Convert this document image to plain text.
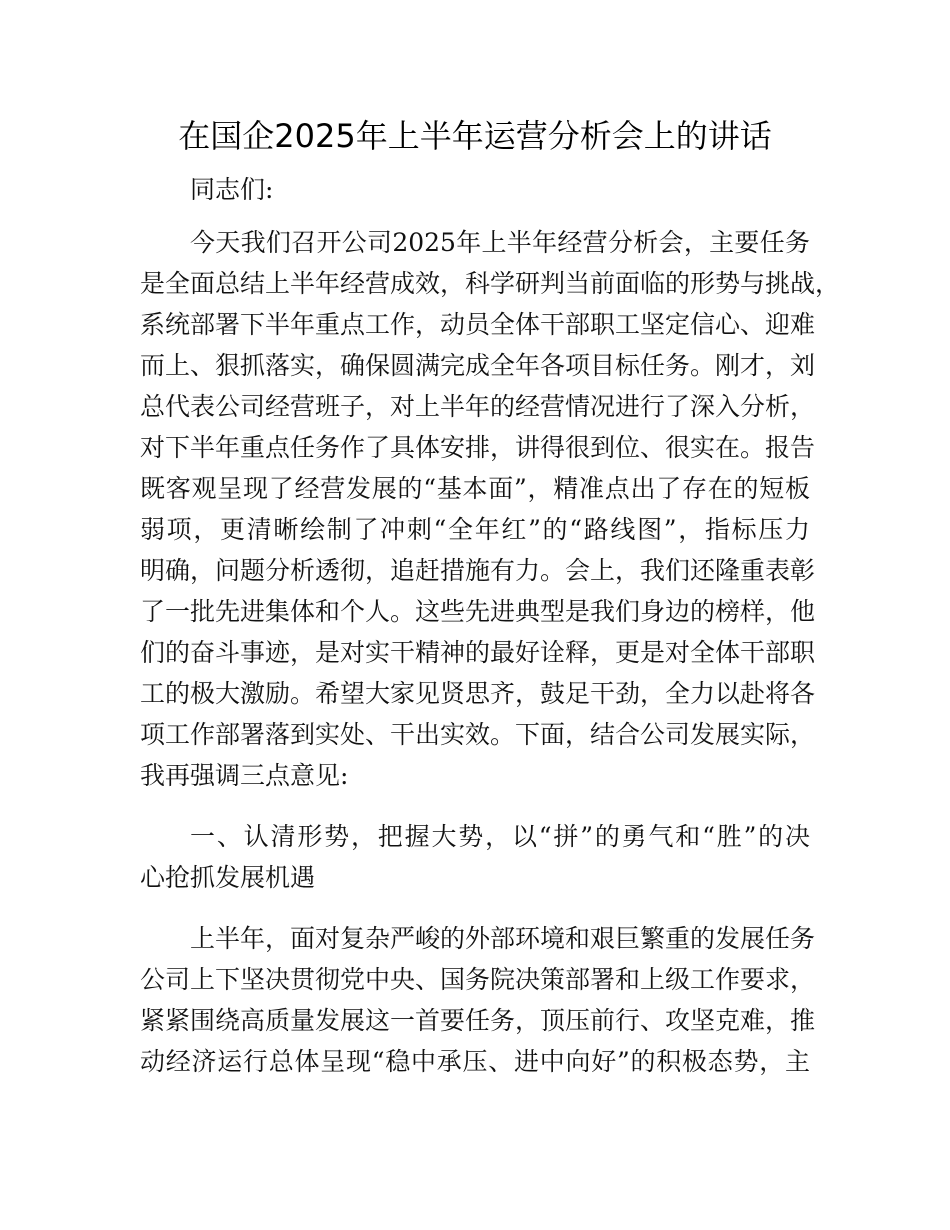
在国企2025年上半年运营分析会上的讲话

同志们:

今天我们召开公司2025年上半年经营分析会，主要任务

是全面总结上半年经营成效，科学研判当前面临的形势与挑战，

系统部署下半年重点工作，动员全体干部职工坚定信心、迎难

而上、狠抓落实，确保圆满完成全年各项目标任务。刚才，刘

总代表公司经营班子，对上半年的经营情况进行了深入分析，

对下半年重点任务作了具体安排，讲得很到位、很实在。报告

既客观呈现了经营发展的“基本面”，精准点出了存在的短板

弱项，更清晰绘制了冲刺“全年红”的“路线图”，指标压力

明确，问题分析透彻，追赶措施有力。会上，我们还隆重表彰

了一批先进集体和个人。这些先进典型是我们身边的榜样，他

们的奋斗事迹，是对实干精神的最好诠释，更是对全体干部职

工的极大激励。希望大家见贤思齐，鼓足干劲，全力以赴将各

项工作部署落到实处、干出实效。下面，结合公司发展实际，

我再强调三点意见:

一、认清形势，把握大势，以“拼”的勇气和“胜”的决

心抢抓发展机遇

上半年，面对复杂严峻的外部环境和艰巨繁重的发展任务

公司上下坚决贯彻党中央、国务院决策部署和上级工作要求，

紧紧围绕高质量发展这一首要任务，顶压前行、攻坚克难，推

动经济运行总体呈现“稳中承压、进中向好”的积极态势，主
